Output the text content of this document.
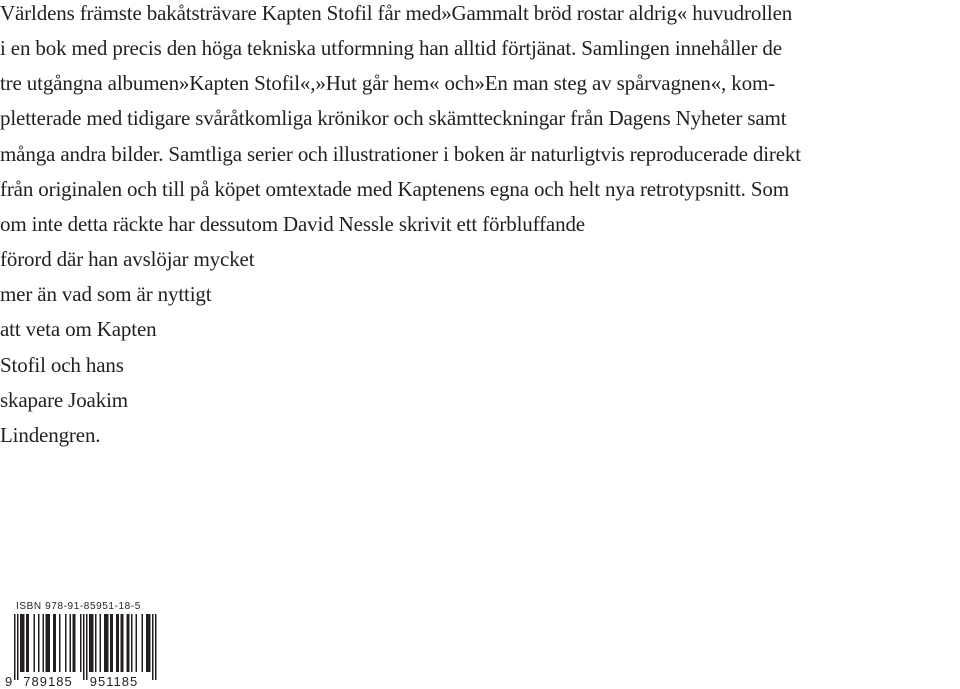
Världens främste bakåtsträvare Kapten Stofil får med»Gammalt bröd rostar aldrig« huvudrollen
i en bok med precis den höga tekniska utformning han alltid förtjänat. Samlingen innehåller de
tre utgångna albumen»Kapten Stofil«,»Hut går hem« och»En man steg av spårvagnen«, kom-
pletterade med tidigare svåråtkomliga krönikor och skämtteckningar från Dagens Nyheter samt
många andra bilder. Samtliga serier och illustrationer i boken är naturligtvis reproducerade direkt
från originalen och till på köpet omtextade med Kaptenens egna och helt nya retrotypsnitt. Som
om inte detta räckte har dessutom David Nessle skrivit ett förbluffande
förord där han avslöjar mycket
mer än vad som är nyttigt
att veta om Kapten
Stofil och hans
skapare Joakim
Lindengren.
ISBN 978-91-85951-18-5
9 789185 951185
